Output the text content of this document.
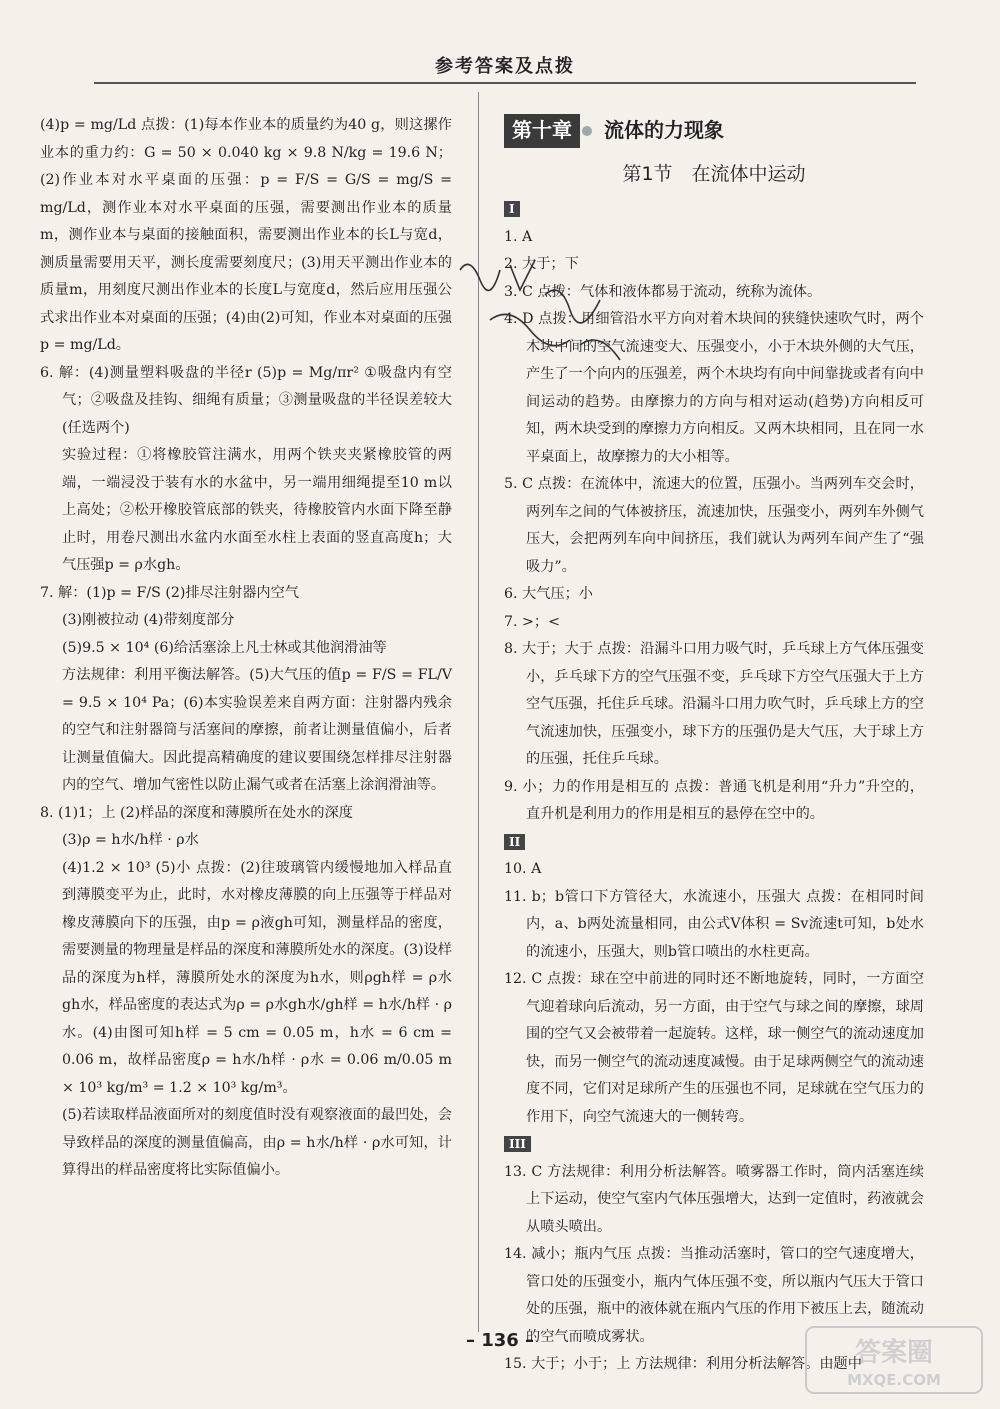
参考答案及点拨

(4)p = mg/Ld 点拨：(1)每本作业本的质量约为40 g，则这摞作业本的重力约：G = 50 × 0.040 kg × 9.8 N/kg = 19.6 N；(2)作业本对水平桌面的压强：p = F/S = G/S = mg/S = mg/Ld，测作业本对水平桌面的压强，需要测出作业本的质量m，测作业本与桌面的接触面积，需要测出作业本的长L与宽d，测质量需要用天平，测长度需要刻度尺；(3)用天平测出作业本的质量m，用刻度尺测出作业本的长度L与宽度d，然后应用压强公式求出作业本对桌面的压强；(4)由(2)可知，作业本对桌面的压强p = mg/Ld。

6. 解：(4)测量塑料吸盘的半径r (5)p = Mg/πr² ①吸盘内有空气；②吸盘及挂钩、细绳有质量；③测量吸盘的半径误差较大(任选两个)

实验过程：①将橡胶管注满水，用两个铁夹夹紧橡胶管的两端，一端浸没于装有水的水盆中，另一端用细绳提至10 m以上高处；②松开橡胶管底部的铁夹，待橡胶管内水面下降至静止时，用卷尺测出水盆内水面至水柱上表面的竖直高度h；大气压强p = ρ水gh。

7. 解：(1)p = F/S (2)排尽注射器内空气

(3)刚被拉动 (4)带刻度部分

(5)9.5 × 10⁴ (6)给活塞涂上凡士林或其他润滑油等

方法规律：利用平衡法解答。(5)大气压的值p = F/S = FL/V = 9.5 × 10⁴ Pa；(6)本实验误差来自两方面：注射器内残余的空气和注射器筒与活塞间的摩擦，前者让测量值偏小，后者让测量值偏大。因此提高精确度的建议要围绕怎样排尽注射器内的空气、增加气密性以防止漏气或者在活塞上涂润滑油等。

8. (1)1；上 (2)样品的深度和薄膜所在处水的深度

(3)ρ = h水/h样 · ρ水

(4)1.2 × 10³ (5)小 点拨：(2)往玻璃管内缓慢地加入样品直到薄膜变平为止，此时，水对橡皮薄膜的向上压强等于样品对橡皮薄膜向下的压强，由p = ρ液gh可知，测量样品的密度，需要测量的物理量是样品的深度和薄膜所处水的深度。(3)设样品的深度为h样，薄膜所处水的深度为h水，则ρgh样 = ρ水gh水，样品密度的表达式为ρ = ρ水gh水/gh样 = h水/h样 · ρ水。(4)由图可知h样 = 5 cm = 0.05 m，h水 = 6 cm = 0.06 m，故样品密度ρ = h水/h样 · ρ水 = 0.06 m/0.05 m × 10³ kg/m³ = 1.2 × 10³ kg/m³。

(5)若读取样品液面所对的刻度值时没有观察液面的最凹处，会导致样品的深度的测量值偏高，由ρ = h水/h样 · ρ水可知，计算得出的样品密度将比实际值偏小。

第十章	流体的力现象
第1节　在流体中运动
I

1. A

2. 大于；下

3. C 点拨：气体和液体都易于流动，统称为流体。

4. D 点拨：用细管沿水平方向对着木块间的狭缝快速吹气时，两个木块中间的空气流速变大、压强变小，小于木块外侧的大气压，产生了一个向内的压强差，两个木块均有向中间靠拢或者有向中间运动的趋势。由摩擦力的方向与相对运动(趋势)方向相反可知，两木块受到的摩擦力方向相反。又两木块相同，且在同一水平桌面上，故摩擦力的大小相等。

5. C 点拨：在流体中，流速大的位置，压强小。当两列车交会时，两列车之间的气体被挤压，流速加快，压强变小，两列车外侧气压大，会把两列车向中间挤压，我们就认为两列车间产生了“强吸力”。

6. 大气压；小

7. >；<

8. 大于；大于 点拨：沿漏斗口用力吸气时，乒乓球上方气体压强变小，乒乓球下方的空气压强不变，乒乓球下方空气压强大于上方空气压强，托住乒乓球。沿漏斗口用力吹气时，乒乓球上方的空气流速加快，压强变小，球下方的压强仍是大气压，大于球上方的压强，托住乒乓球。

9. 小；力的作用是相互的 点拨：普通飞机是利用“升力”升空的，直升机是利用力的作用是相互的悬停在空中的。

II

10. A

11. b；b管口下方管径大，水流速小，压强大 点拨：在相同时间内，a、b两处流量相同，由公式V体积 = Sv流速t可知，b处水的流速小，压强大，则b管口喷出的水柱更高。

12. C 点拨：球在空中前进的同时还不断地旋转，同时，一方面空气迎着球向后流动，另一方面，由于空气与球之间的摩擦，球周围的空气又会被带着一起旋转。这样，球一侧空气的流动速度加快，而另一侧空气的流动速度减慢。由于足球两侧空气的流动速度不同，它们对足球所产生的压强也不同，足球就在空气压力的作用下，向空气流速大的一侧转弯。

III

13. C 方法规律：利用分析法解答。喷雾器工作时，筒内活塞连续上下运动，使空气室内气体压强增大，达到一定值时，药液就会从喷头喷出。

14. 减小；瓶内气压 点拨：当推动活塞时，管口的空气速度增大，管口处的压强变小，瓶内气体压强不变，所以瓶内气压大于管口处的压强，瓶中的液体就在瓶内气压的作用下被压上去，随流动的空气而喷成雾状。

15. 大于；小于；上 方法规律：利用分析法解答。由题中

– 136 –	答案圈
MXQE.COM
